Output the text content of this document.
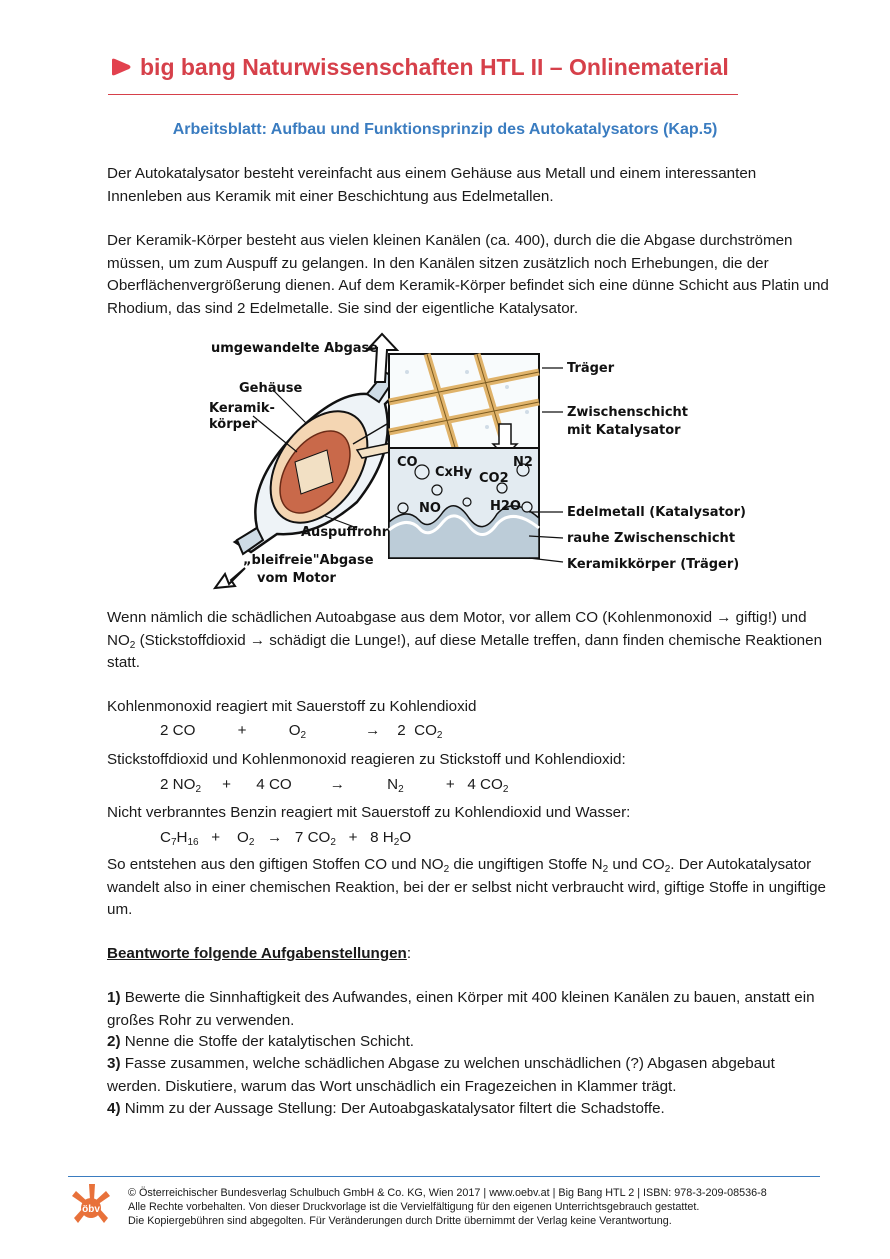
big bang Naturwissenschaften HTL II – Onlinematerial
Arbeitsblatt: Aufbau und Funktionsprinzip des Autokatalysators (Kap.5)
Der Autokatalysator besteht vereinfacht aus einem Gehäuse aus Metall und einem interessanten Innenleben aus Keramik mit einer Beschichtung aus Edelmetallen.
Der Keramik-Körper besteht aus vielen kleinen Kanälen (ca. 400), durch die die Abgase durchströmen müssen, um zum Auspuff zu gelangen. In den Kanälen sitzen zusätzlich noch Erhebungen, die der Oberflächenvergrößerung dienen. Auf dem Keramik-Körper befindet sich eine dünne Schicht aus Platin und Rhodium, das sind 2 Edelmetalle. Sie sind der eigentliche Katalysator.
CO
CxHy
NO
N2
CO2
H2O
umgewandelte Abgase
Gehäuse
Keramik-
körper
Auspuffrohr
„bleifreie"Abgase
vom Motor
Träger
Zwischenschicht
mit Katalysator
Edelmetall (Katalysator)
rauhe Zwischenschicht
Keramikkörper (Träger)
Wenn nämlich die schädlichen Autoabgase aus dem Motor, vor allem CO (Kohlenmonoxid → giftig!) und $NO_2$ (Stickstoffdioxid → schädigt die Lunge!), auf diese Metalle treffen, dann finden chemische Reaktionen statt.
Kohlenmonoxid reagiert mit Sauerstoff zu Kohlendioxid
2 CO          +          $O_2$              →    2  $CO_2$
Stickstoffdioxid und Kohlenmonoxid reagieren zu Stickstoff und Kohlendioxid:
2 $NO_2$     +      4 CO         →          $N_2$          +   4 $CO_2$
Nicht verbranntes Benzin reagiert mit Sauerstoff zu Kohlendioxid und Wasser:
$C_7H_{16}$   +    $O_2 \to 7$ $CO_2 + 8$ $H_2O$
So entstehen aus den giftigen Stoffen CO und $NO_2$ die ungiftigen Stoffe $N_2$ und $CO_2$. Der Autokatalysator wandelt also in einer chemischen Reaktion, bei der er selbst nicht verbraucht wird, giftige Stoffe in ungiftige um.
Beantworte folgende Aufgabenstellungen:
1) Bewerte die Sinnhaftigkeit des Aufwandes, einen Körper mit 400 kleinen Kanälen zu bauen, anstatt ein großes Rohr zu verwenden.
2) Nenne die Stoffe der katalytischen Schicht.
3) Fasse zusammen, welche schädlichen Abgase zu welchen unschädlichen (?) Abgasen abgebaut werden. Diskutiere, warum das Wort unschädlich ein Fragezeichen in Klammer trägt.
4) Nimm zu der Aussage Stellung: Der Autoabgaskatalysator filtert die Schadstoffe.
öbv
© Österreichischer Bundesverlag Schulbuch GmbH & Co. KG, Wien 2017 | www.oebv.at | Big Bang HTL 2 | ISBN: 978-3-209-08536-8
Alle Rechte vorbehalten. Von dieser Druckvorlage ist die Vervielfältigung für den eigenen Unterrichtsgebrauch gestattet.
Die Kopiergebühren sind abgegolten. Für Veränderungen durch Dritte übernimmt der Verlag keine Verantwortung.
